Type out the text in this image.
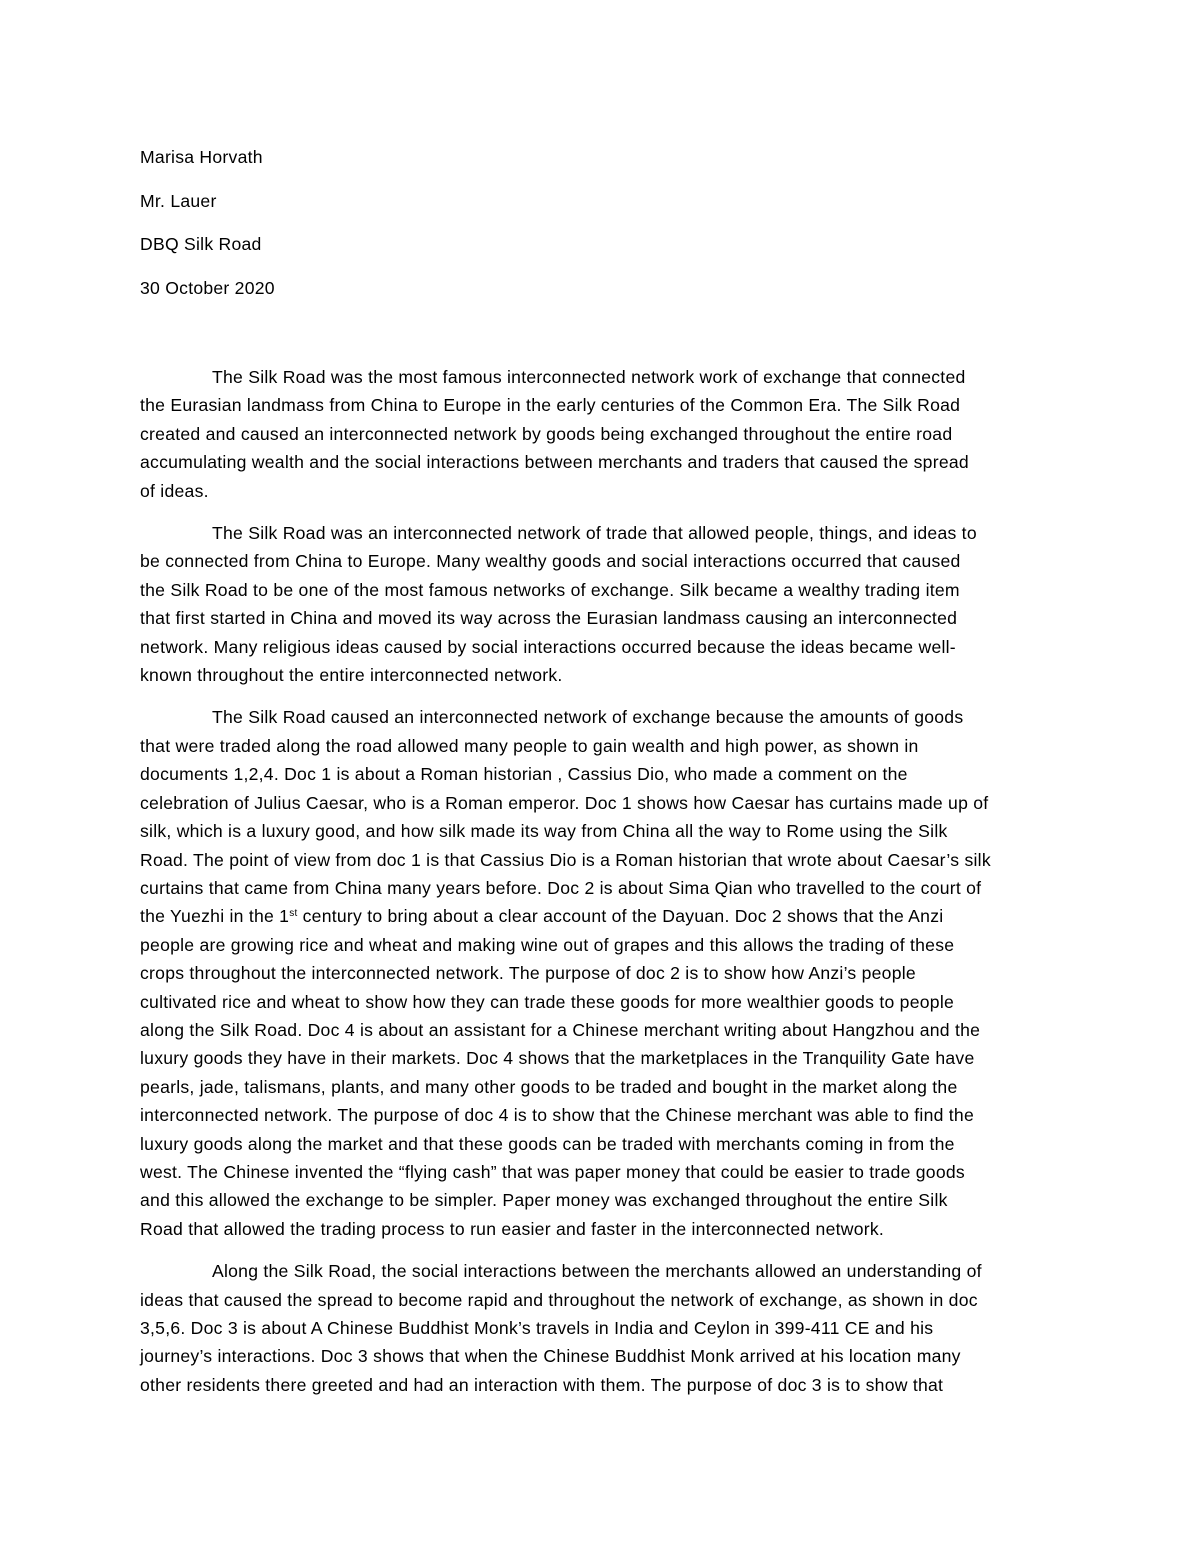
Marisa Horvath

Mr. Lauer

DBQ Silk Road

30 October 2020

The Silk Road was the most famous interconnected network work of exchange that connected
the Eurasian landmass from China to Europe in the early centuries of the Common Era. The Silk Road
created and caused an interconnected network by goods being exchanged throughout the entire road
accumulating wealth and the social interactions between merchants and traders that caused the spread
of ideas.

The Silk Road was an interconnected network of trade that allowed people, things, and ideas to
be connected from China to Europe. Many wealthy goods and social interactions occurred that caused
the Silk Road to be one of the most famous networks of exchange. Silk became a wealthy trading item
that first started in China and moved its way across the Eurasian landmass causing an interconnected
network. Many religious ideas caused by social interactions occurred because the ideas became well-
known throughout the entire interconnected network.

The Silk Road caused an interconnected network of exchange because the amounts of goods
that were traded along the road allowed many people to gain wealth and high power, as shown in
documents 1,2,4. Doc 1 is about a Roman historian , Cassius Dio, who made a comment on the
celebration of Julius Caesar, who is a Roman emperor. Doc 1 shows how Caesar has curtains made up of
silk, which is a luxury good, and how silk made its way from China all the way to Rome using the Silk
Road. The point of view from doc 1 is that Cassius Dio is a Roman historian that wrote about Caesar’s silk
curtains that came from China many years before. Doc 2 is about Sima Qian who travelled to the court of
the Yuezhi in the 1st century to bring about a clear account of the Dayuan. Doc 2 shows that the Anzi
people are growing rice and wheat and making wine out of grapes and this allows the trading of these
crops throughout the interconnected network. The purpose of doc 2 is to show how Anzi’s people
cultivated rice and wheat to show how they can trade these goods for more wealthier goods to people
along the Silk Road. Doc 4 is about an assistant for a Chinese merchant writing about Hangzhou and the
luxury goods they have in their markets. Doc 4 shows that the marketplaces in the Tranquility Gate have
pearls, jade, talismans, plants, and many other goods to be traded and bought in the market along the
interconnected network. The purpose of doc 4 is to show that the Chinese merchant was able to find the
luxury goods along the market and that these goods can be traded with merchants coming in from the
west. The Chinese invented the “flying cash” that was paper money that could be easier to trade goods
and this allowed the exchange to be simpler. Paper money was exchanged throughout the entire Silk
Road that allowed the trading process to run easier and faster in the interconnected network.

Along the Silk Road, the social interactions between the merchants allowed an understanding of
ideas that caused the spread to become rapid and throughout the network of exchange, as shown in doc
3,5,6. Doc 3 is about A Chinese Buddhist Monk’s travels in India and Ceylon in 399-411 CE and his
journey’s interactions. Doc 3 shows that when the Chinese Buddhist Monk arrived at his location many
other residents there greeted and had an interaction with them. The purpose of doc 3 is to show that
